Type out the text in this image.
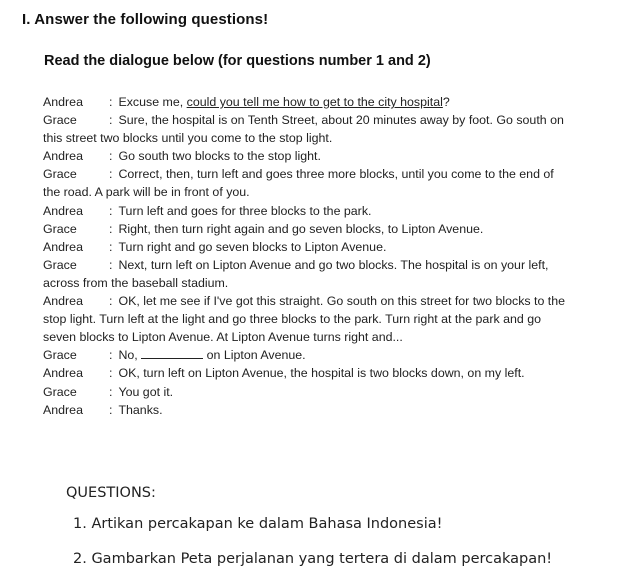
I. Answer the following questions!
Read the dialogue below (for questions number 1 and 2)

Andrea : Excuse me, could you tell me how to get to the city hospital?

Grace	: Sure, the hospital is on Tenth Street, about 20 minutes away by foot. Go south on

this street two blocks until you come to the stop light.

Andrea : Go south two blocks to the stop light.

Grace	: Correct, then, turn left and goes three more blocks, until you come to the end of

the road. A park will be in front of you.

Andrea : Turn left and goes for three blocks to the park.

Grace	: Right, then turn right again and go seven blocks, to Lipton Avenue.

Andrea : Turn right and go seven blocks to Lipton Avenue.

Grace	: Next, turn left on Lipton Avenue and go two blocks. The hospital is on your left,

across from the baseball stadium.

Andrea : OK, let me see if I've got this straight. Go south on this street for two blocks to the

stop light. Turn left at the light and go three blocks to the park. Turn right at the park and go

seven blocks to Lipton Avenue. At Lipton Avenue turns right and...

Grace	: No,	on Lipton Avenue.

Andrea : OK, turn left on Lipton Avenue, the hospital is two blocks down, on my left.

Grace	: You got it.

Andrea : Thanks.

QUESTIONS:
1. Artikan percakapan ke dalam Bahasa Indonesia!
2. Gambarkan Peta perjalanan yang tertera di dalam percakapan!
